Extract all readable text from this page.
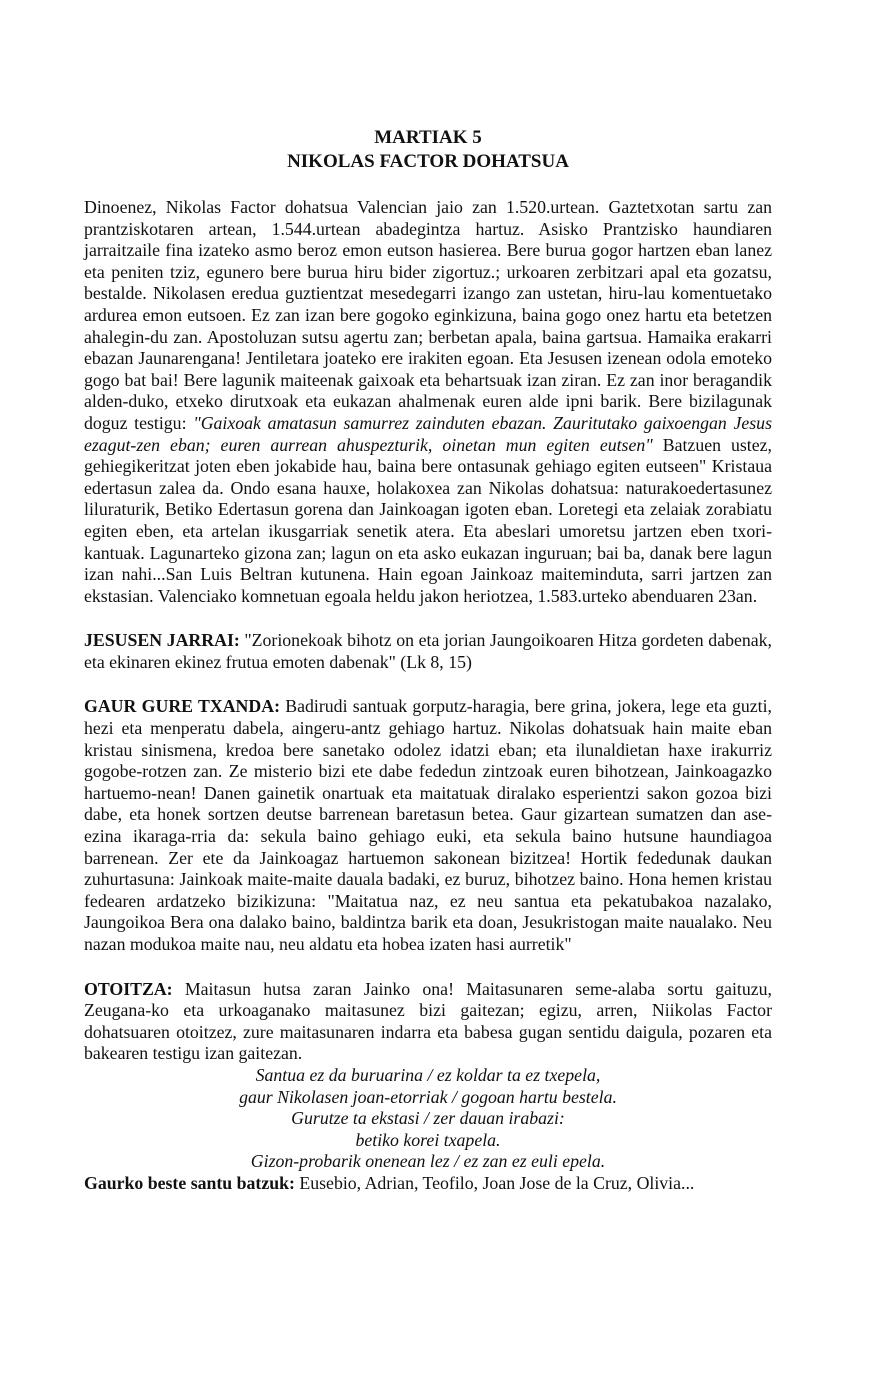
MARTIAK 5

NIKOLAS FACTOR DOHATSUA

Dinoenez, Nikolas Factor dohatsua Valencian jaio zan 1.520.urtean. Gaztetxotan sartu zan prantziskotaren artean, 1.544.urtean abadegintza hartuz. Asisko Prantzisko haundiaren jarraitzaile fina izateko asmo beroz emon eutson hasierea. Bere burua gogor hartzen eban lanez eta peniten tziz, egunero bere burua hiru bider zigortuz.; urkoaren zerbitzari apal eta gozatsu, bestalde. Nikolasen eredua guztientzat mesedegarri izango zan ustetan, hiru-lau komentuetako ardurea emon eutsoen. Ez zan izan bere gogoko eginkizuna, baina gogo onez hartu eta betetzen ahalegin-du zan. Apostoluzan sutsu agertu zan; berbetan apala, baina gartsua. Hamaika erakarri ebazan Jaunarengana! Jentiletara joateko ere irakiten egoan. Eta Jesusen izenean odola emoteko gogo bat bai! Bere lagunik maiteenak gaixoak eta behartsuak izan ziran. Ez zan inor beragandik alden-duko, etxeko dirutxoak eta eukazan ahalmenak euren alde ipni barik. Bere bizilagunak doguz testigu: "Gaixoak amatasun samurrez zainduten ebazan. Zauritutako gaixoengan Jesus ezagut-zen eban; euren aurrean ahuspezturik, oinetan mun egiten eutsen" Batzuen ustez, gehiegikeritzat joten eben jokabide hau, baina bere ontasunak gehiago egiten eutseen" Kristaua edertasun zalea da. Ondo esana hauxe, holakoxea zan Nikolas dohatsua: naturakoedertasunez liluraturik, Betiko Edertasun gorena dan Jainkoagan igoten eban. Loretegi eta zelaiak zorabiatu egiten eben, eta artelan ikusgarriak senetik atera. Eta abeslari umoretsu jartzen eben txori-kantuak. Lagunarteko gizona zan; lagun on eta asko eukazan inguruan; bai ba, danak bere lagun izan nahi...San Luis Beltran kutunena. Hain egoan Jainkoaz maiteminduta, sarri jartzen zan ekstasian. Valenciako komnetuan egoala heldu jakon heriotzea, 1.583.urteko abenduaren 23an.

JESUSEN JARRAI: "Zorionekoak bihotz on eta jorian Jaungoikoaren Hitza gordeten dabenak, eta ekinaren ekinez frutua emoten dabenak" (Lk 8, 15)

GAUR GURE TXANDA: Badirudi santuak gorputz-haragia, bere grina, jokera, lege eta guzti, hezi eta menperatu dabela, aingeru-antz gehiago hartuz. Nikolas dohatsuak hain maite eban kristau sinismena, kredoa bere sanetako odolez idatzi eban; eta ilunaldietan haxe irakurriz gogobe-rotzen zan. Ze misterio bizi ete dabe fededun zintzoak euren bihotzean, Jainkoagazko hartuemo-nean! Danen gainetik onartuak eta maitatuak diralako esperientzi sakon gozoa bizi dabe, eta honek sortzen deutse barrenean baretasun betea. Gaur gizartean sumatzen dan ase-ezina ikaraga-rria da: sekula baino gehiago euki, eta sekula baino hutsune haundiagoa barrenean. Zer ete da Jainkoagaz hartuemon sakonean bizitzea! Hortik fededunak daukan zuhurtasuna: Jainkoak maite-maite dauala badaki, ez buruz, bihotzez baino. Hona hemen kristau fedearen ardatzeko bizikizuna: "Maitatua naz, ez neu santua eta pekatubakoa nazalako, Jaungoikoa Bera ona dalako baino, baldintza barik eta doan, Jesukristogan maite naualako. Neu nazan modukoa maite nau, neu aldatu eta hobea izaten hasi aurretik"

OTOITZA: Maitasun hutsa zaran Jainko ona! Maitasunaren seme-alaba sortu gaituzu, Zeugana-ko eta urkoaganako maitasunez bizi gaitezan; egizu, arren, Niikolas Factor dohatsuaren otoitzez, zure maitasunaren indarra eta babesa gugan sentidu daigula, pozaren eta bakearen testigu izan gaitezan.

Santua ez da buruarina / ez koldar ta ez txepela,
gaur Nikolasen joan-etorriak / gogoan hartu bestela.
Gurutze ta ekstasi / zer dauan irabazi:
betiko korei txapela.
Gizon-probarik onenean lez / ez zan ez euli epela.

Gaurko beste santu batzuk: Eusebio, Adrian, Teofilo, Joan Jose de la Cruz, Olivia...
